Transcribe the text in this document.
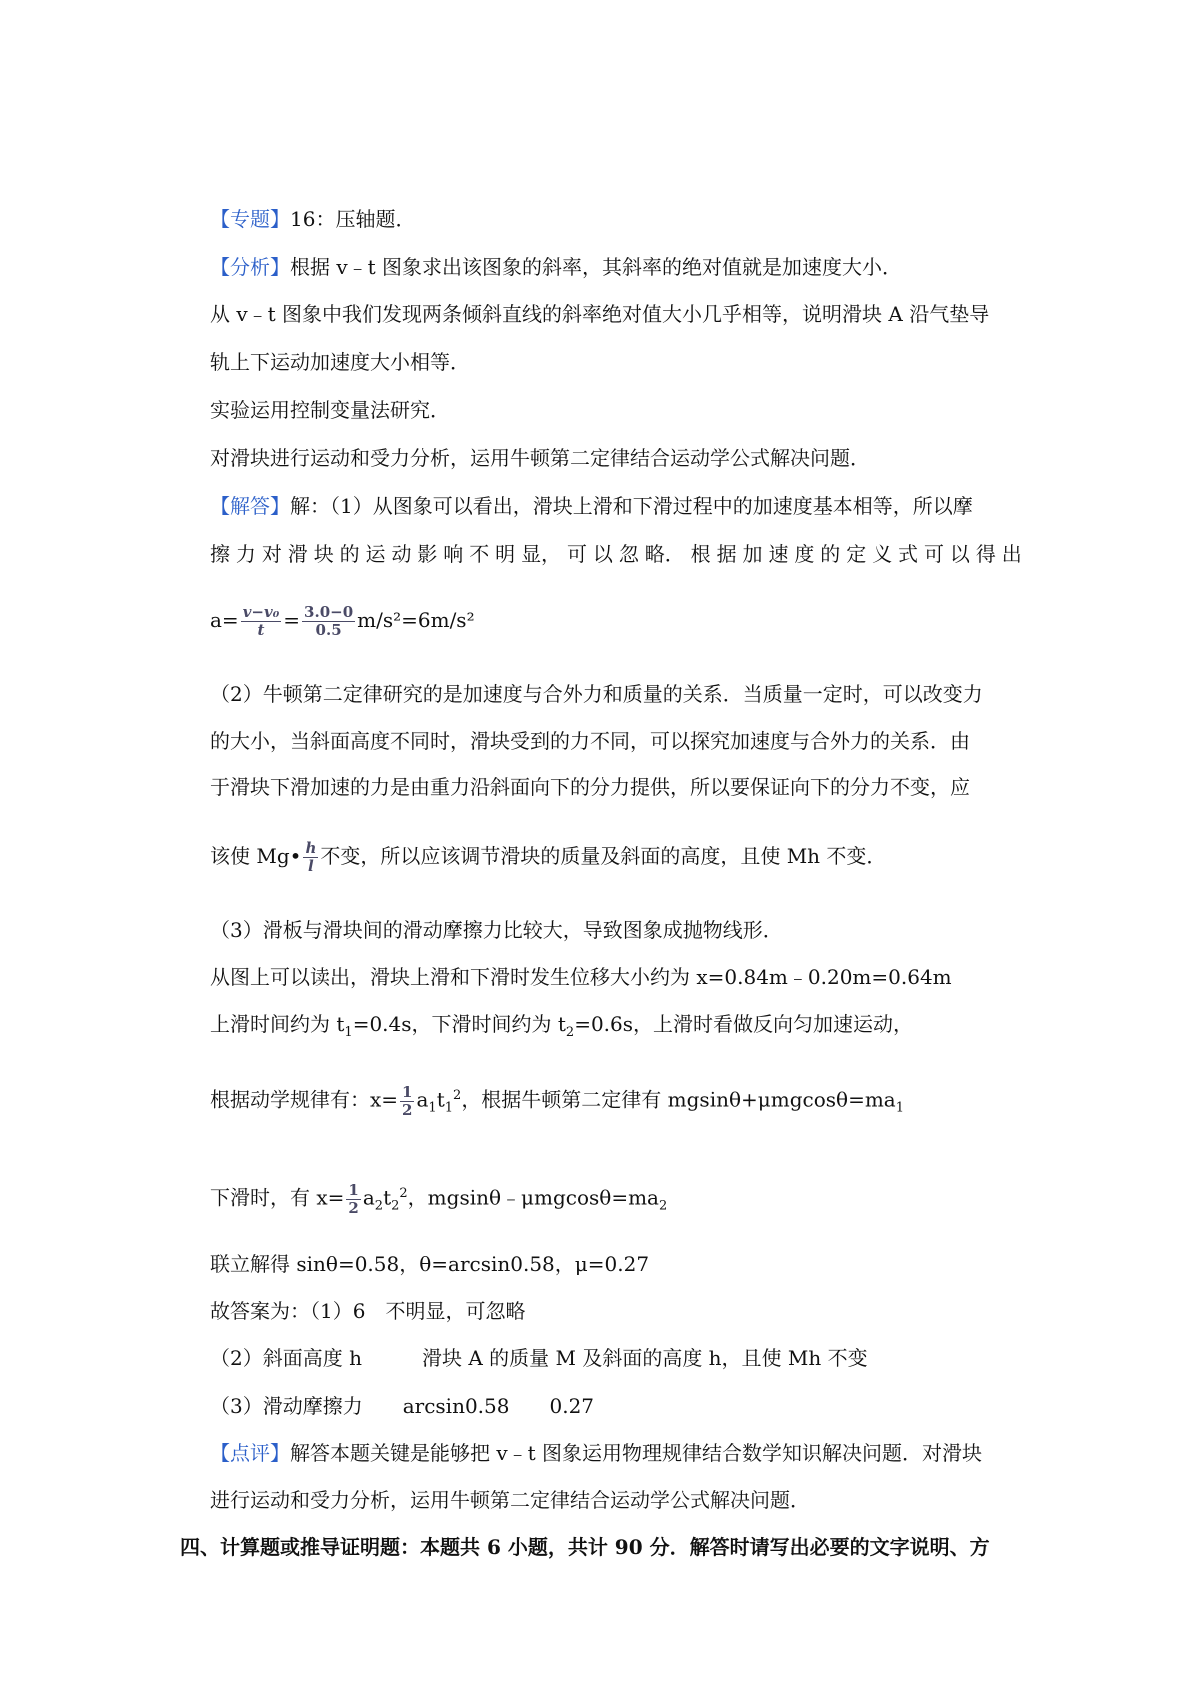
【专题】16：压轴题．
【分析】根据 v﹣t 图象求出该图象的斜率，其斜率的绝对值就是加速度大小．
从 v﹣t 图象中我们发现两条倾斜直线的斜率绝对值大小几乎相等，说明滑块 A 沿气垫导
轨上下运动加速度大小相等．
实验运用控制变量法研究．
对滑块进行运动和受力分析，运用牛顿第二定律结合运动学公式解决问题．
【解答】解：（1）从图象可以看出，滑块上滑和下滑过程中的加速度基本相等，所以摩
擦 力 对 滑 块 的 运 动 影 响 不 明 显， 可 以 忽 略． 根 据 加 速 度 的 定 义 式 可 以 得 出
$a= \frac{\text{v−v₀}}{t} = \frac{3.0-0}{0.5} m/s^2=6m/s^2$
（2）牛顿第二定律研究的是加速度与合外力和质量的关系．当质量一定时，可以改变力
的大小，当斜面高度不同时，滑块受到的力不同，可以探究加速度与合外力的关系．由
于滑块下滑加速的力是由重力沿斜面向下的分力提供，所以要保证向下的分力不变，应
该使 Mg• $\frac{h}{l}$ 不变，所以应该调节滑块的质量及斜面的高度，且使 Mh 不变．
（3）滑板与滑块间的滑动摩擦力比较大，导致图象成抛物线形．
从图上可以读出，滑块上滑和下滑时发生位移大小约为 x=0.84m﹣0.20m=0.64m
上滑时间约为 $t_1=0.4s$，下滑时间约为 $t_2=0.6s$，上滑时看做反向匀加速运动，
根据动学规律有：$x= \frac{1}{2} a_1t_1^2$，根据牛顿第二定律有 $mgsin\theta+\mu mgcos\theta=ma_1$
下滑时，有 $x= \frac{1}{2} a_2t_2^2$，$mgsin\theta﹣\mu mgcos\theta=ma_2$
联立解得 sinθ=0.58，θ=arcsin0.58，μ=0.27
故答案为：（1）6　不明显，可忽略
（2）斜面高度 h　　　滑块 A 的质量 M 及斜面的高度 h，且使 Mh 不变
（3）滑动摩擦力　　arcsin0.58　　0.27
【点评】解答本题关键是能够把 v﹣t 图象运用物理规律结合数学知识解决问题．对滑块
进行运动和受力分析，运用牛顿第二定律结合运动学公式解决问题．
四、计算题或推导证明题：本题共 6 小题，共计 90 分．解答时请写出必要的文字说明、方
